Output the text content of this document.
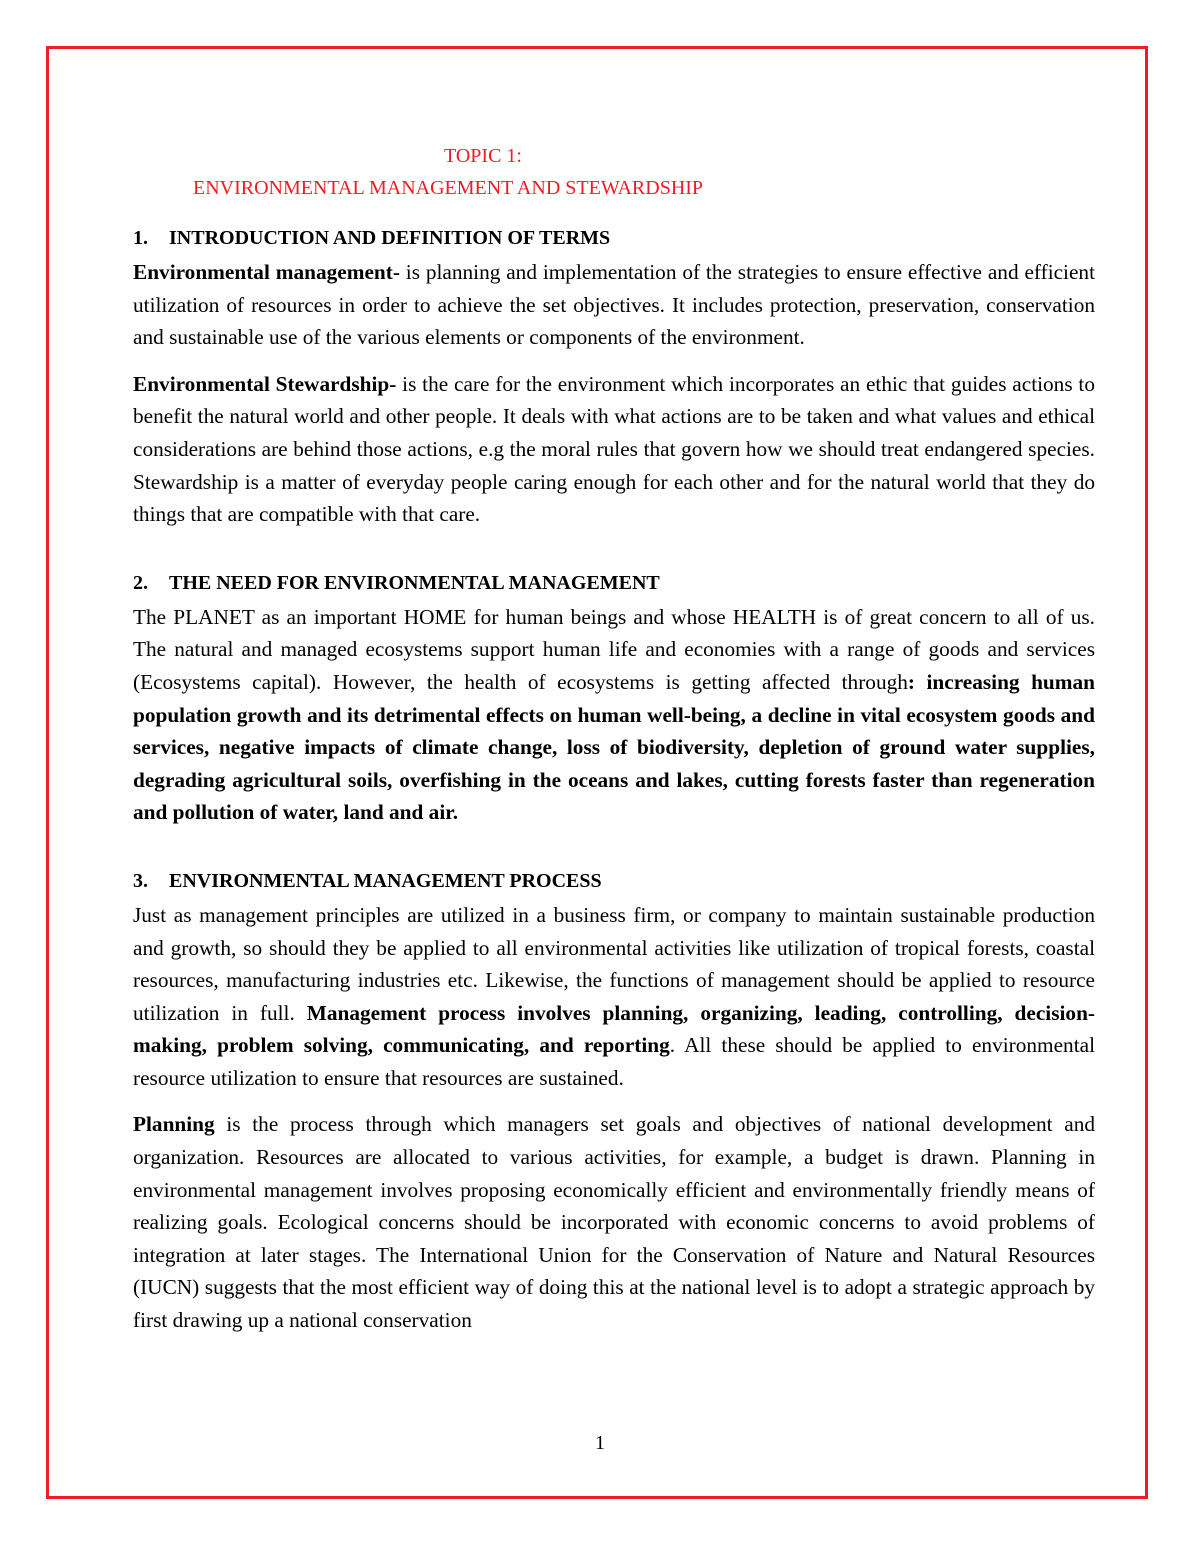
TOPIC 1:
ENVIRONMENTAL MANAGEMENT AND STEWARDSHIP
1. INTRODUCTION AND DEFINITION OF TERMS

Environmental management- is planning and implementation of the strategies to ensure effective and efficient utilization of resources in order to achieve the set objectives. It includes protection, preservation, conservation and sustainable use of the various elements or components of the environment.

Environmental Stewardship- is the care for the environment which incorporates an ethic that guides actions to benefit the natural world and other people. It deals with what actions are to be taken and what values and ethical considerations are behind those actions, e.g the moral rules that govern how we should treat endangered species. Stewardship is a matter of everyday people caring enough for each other and for the natural world that they do things that are compatible with that care.

2. THE NEED FOR ENVIRONMENTAL MANAGEMENT

The PLANET as an important HOME for human beings and whose HEALTH is of great concern to all of us. The natural and managed ecosystems support human life and economies with a range of goods and services (Ecosystems capital). However, the health of ecosystems is getting affected through: increasing human population growth and its detrimental effects on human well-being, a decline in vital ecosystem goods and services, negative impacts of climate change, loss of biodiversity, depletion of ground water supplies, degrading agricultural soils, overfishing in the oceans and lakes, cutting forests faster than regeneration and pollution of water, land and air.

3. ENVIRONMENTAL MANAGEMENT PROCESS

Just as management principles are utilized in a business firm, or company to maintain sustainable production and growth, so should they be applied to all environmental activities like utilization of tropical forests, coastal resources, manufacturing industries etc. Likewise, the functions of management should be applied to resource utilization in full. Management process involves planning, organizing, leading, controlling, decision-making, problem solving, communicating, and reporting. All these should be applied to environmental resource utilization to ensure that resources are sustained.

Planning is the process through which managers set goals and objectives of national development and organization. Resources are allocated to various activities, for example, a budget is drawn. Planning in environmental management involves proposing economically efficient and environmentally friendly means of realizing goals. Ecological concerns should be incorporated with economic concerns to avoid problems of integration at later stages. The International Union for the Conservation of Nature and Natural Resources (IUCN) suggests that the most efficient way of doing this at the national level is to adopt a strategic approach by first drawing up a national conservation

1
